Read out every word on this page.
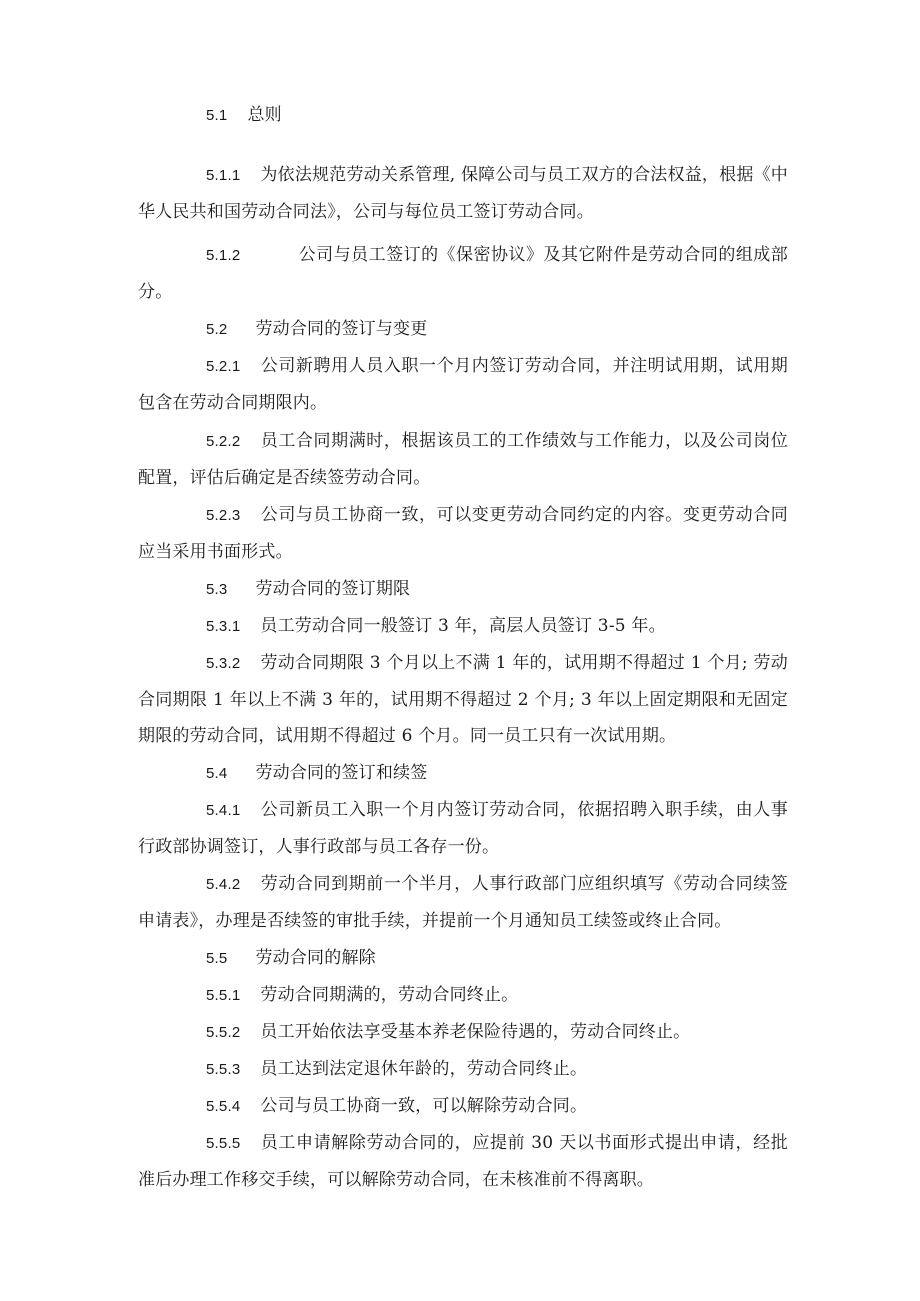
5.1 总则

5.1.1 为依法规范劳动关系管理, 保障公司与员工双方的合法权益，根据《中华人民共和国劳动合同法》，公司与每位员工签订劳动合同。

5.1.2	公司与员工签订的《保密协议》及其它附件是劳动合同的组成部分。

5.2 劳动合同的签订与变更

5.2.1 公司新聘用人员入职一个月内签订劳动合同，并注明试用期，试用期包含在劳动合同期限内。

5.2.2 员工合同期满时，根据该员工的工作绩效与工作能力，以及公司岗位配置，评估后确定是否续签劳动合同。

5.2.3 公司与员工协商一致，可以变更劳动合同约定的内容。变更劳动合同应当采用书面形式。

5.3 劳动合同的签订期限

5.3.1 员工劳动合同一般签订 3 年，高层人员签订 3-5 年。

5.3.2 劳动合同期限 3 个月以上不满 1 年的，试用期不得超过 1 个月; 劳动合同期限 1 年以上不满 3 年的，试用期不得超过 2 个月; 3 年以上固定期限和无固定期限的劳动合同，试用期不得超过 6 个月。同一员工只有一次试用期。

5.4 劳动合同的签订和续签

5.4.1 公司新员工入职一个月内签订劳动合同，依据招聘入职手续，由人事行政部协调签订，人事行政部与员工各存一份。

5.4.2 劳动合同到期前一个半月，人事行政部门应组织填写《劳动合同续签申请表》，办理是否续签的审批手续，并提前一个月通知员工续签或终止合同。

5.5 劳动合同的解除

5.5.1 劳动合同期满的，劳动合同终止。

5.5.2 员工开始依法享受基本养老保险待遇的，劳动合同终止。

5.5.3 员工达到法定退休年龄的，劳动合同终止。

5.5.4 公司与员工协商一致，可以解除劳动合同。

5.5.5 员工申请解除劳动合同的，应提前 30 天以书面形式提出申请，经批准后办理工作移交手续，可以解除劳动合同，在未核准前不得离职。
